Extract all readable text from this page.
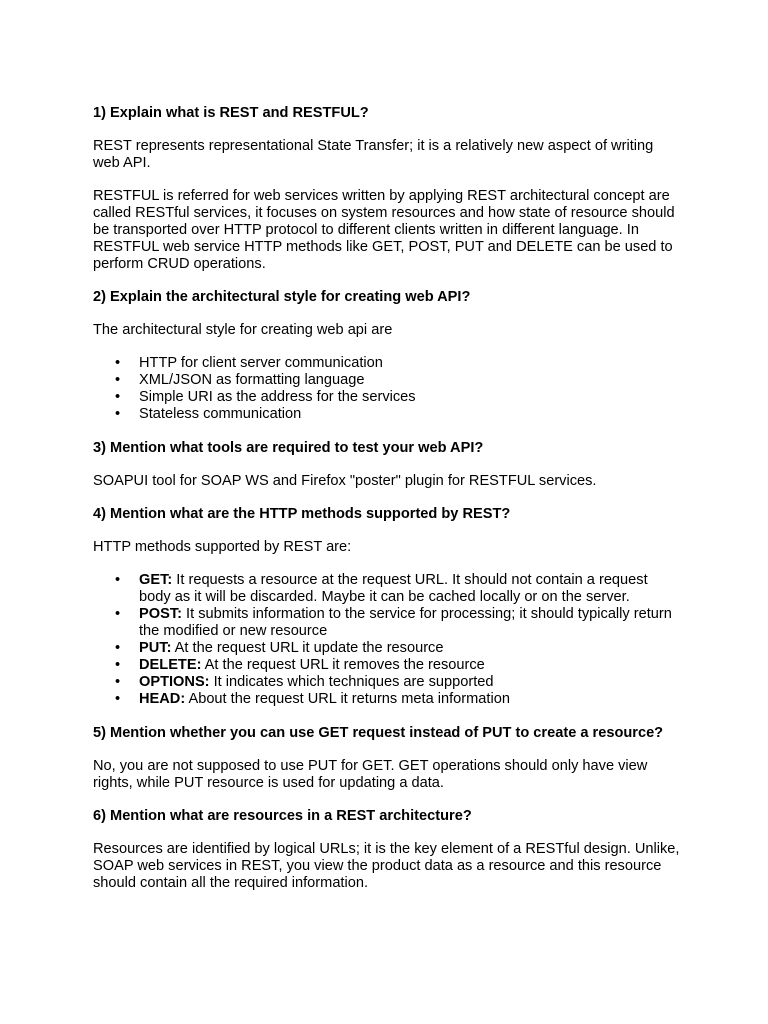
1) Explain what is REST and RESTFUL?
REST represents representational State Transfer; it is a relatively new aspect of writing web API.
RESTFUL is referred for web services written by applying REST architectural concept are called RESTful services, it focuses on system resources and how state of resource should be transported over HTTP protocol to different clients written in different language. In RESTFUL web service HTTP methods like GET, POST, PUT and DELETE can be used to perform CRUD operations.
2) Explain the architectural style for creating web API?
The architectural style for creating web api are
• HTTP for client server communication
• XML/JSON as formatting language
• Simple URI as the address for the services
• Stateless communication
3) Mention what tools are required to test your web API?
SOAPUI tool for SOAP WS and Firefox "poster" plugin for RESTFUL services.
4) Mention what are the HTTP methods supported by REST?
HTTP methods supported by REST are:
• GET: It requests a resource at the request URL. It should not contain a request body as it will be discarded. Maybe it can be cached locally or on the server.
• POST: It submits information to the service for processing; it should typically return the modified or new resource
• PUT: At the request URL it update the resource
• DELETE: At the request URL it removes the resource
• OPTIONS: It indicates which techniques are supported
• HEAD: About the request URL it returns meta information
5) Mention whether you can use GET request instead of PUT to create a resource?
No, you are not supposed to use PUT for GET. GET operations should only have view rights, while PUT resource is used for updating a data.
6) Mention what are resources in a REST architecture?
Resources are identified by logical URLs; it is the key element of a RESTful design. Unlike, SOAP web services in REST, you view the product data as a resource and this resource should contain all the required information.
